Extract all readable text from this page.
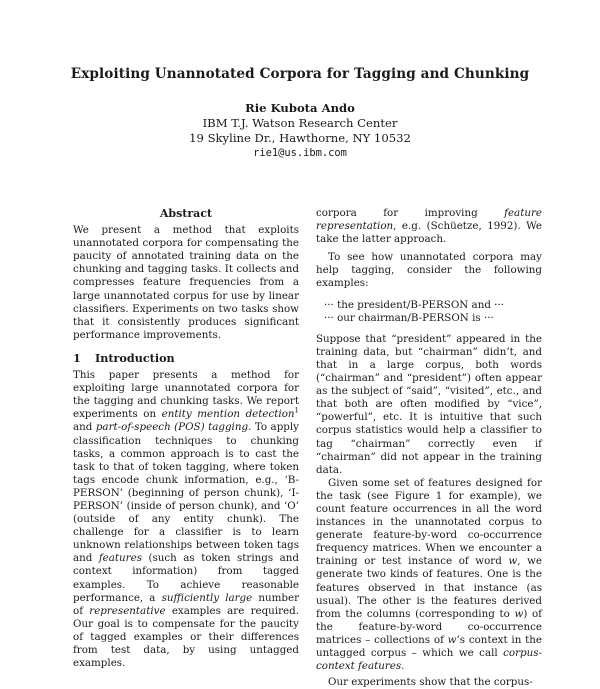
Exploiting Unannotated Corpora for Tagging and Chunking
Rie Kubota Ando
IBM T.J. Watson Research Center
19 Skyline Dr., Hawthorne, NY 10532
rie1@us.ibm.com
Abstract

We present a method that exploits unannotated corpora for compensating the paucity of annotated training data on the chunking and tagging tasks. It collects and compresses feature frequencies from a large unannotated corpus for use by linear classifiers. Experiments on two tasks show that it consistently produces significant performance improvements.

1 Introduction

This paper presents a method for exploiting large unannotated corpora for the tagging and chunking tasks. We report experiments on entity mention detection$^1$ and part-of-speech (POS) tagging. To apply classification techniques to chunking tasks, a common approach is to cast the task to that of token tagging, where token tags encode chunk information, e.g., ‘B-PERSON’ (beginning of person chunk), ‘I-PERSON’ (inside of person chunk), and ‘O’ (outside of any entity chunk). The challenge for a classifier is to learn unknown relationships between token tags and features (such as token strings and context information) from tagged examples. To achieve reasonable performance, a sufficiently large number of representative examples are required. Our goal is to compensate for the paucity of tagged examples or their differences from test data, by using untagged examples.

corpora for improving feature representation, e.g. (Schüetze, 1992). We take the latter approach.

To see how unannotated corpora may help tagging, consider the following examples:

··· the president/B-PERSON and ···
··· our chairman/B-PERSON is ···

Suppose that “president” appeared in the training data, but “chairman” didn’t, and that in a large corpus, both words (“chairman” and “president”) often appear as the subject of “said”, “visited”, etc., and that both are often modified by “vice”, “powerful”, etc. It is intuitive that such corpus statistics would help a classifier to tag “chairman” correctly even if “chairman” did not appear in the training data.

Given some set of features designed for the task (see Figure 1 for example), we count feature occurrences in all the word instances in the unannotated corpus to generate feature-by-word co-occurrence frequency matrices. When we encounter a training or test instance of word w, we generate two kinds of features. One is the features observed in that instance (as usual). The other is the features derived from the columns (corresponding to w) of the feature-by-word co-occurrence matrices – collections of w’s context in the untagged corpus – which we call corpus-context features.

Our experiments show that the corpus-
